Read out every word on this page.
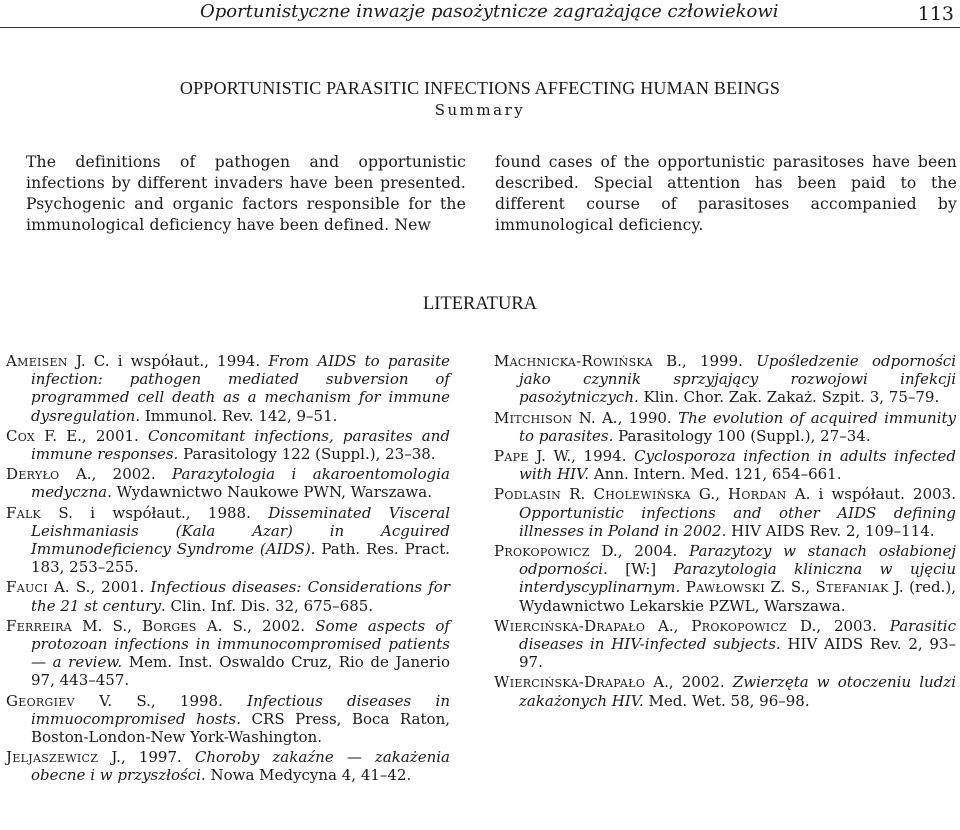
Oportunistyczne inwazje pasożytnicze zagrażające człowiekowi	113
OPPORTUNISTIC PARASITIC INFECTIONS AFFECTING HUMAN BEINGS
Summary
The definitions of pathogen and opportunistic infections by different invaders have been presented. Psychogenic and organic factors responsible for the immunological deficiency have been defined. New
found cases of the opportunistic parasitoses have been described. Special attention has been paid to the different course of parasitoses accompanied by immunological deficiency.
LITERATURA
Ameisen J. C. i współaut., 1994. From AIDS to parasite infection: pathogen mediated subversion of programmed cell death as a mechanism for immune dysregulation. Immunol. Rev. 142, 9–51.
Cox F. E., 2001. Concomitant infections, parasites and immune responses. Parasitology 122 (Suppl.), 23–38.
Deryło A., 2002. Parazytologia i akaroentomologia medyczna. Wydawnictwo Naukowe PWN, Warszawa.
Falk S. i współaut., 1988. Disseminated Visceral Leishmaniasis (Kala Azar) in Acguired Immunodeficiency Syndrome (AIDS). Path. Res. Pract. 183, 253–255.
Fauci A. S., 2001. Infectious diseases: Considerations for the 21 st century. Clin. Inf. Dis. 32, 675–685.
Ferreira M. S., Borges A. S., 2002. Some aspects of protozoan infections in immunocompromised patients — a review. Mem. Inst. Oswaldo Cruz, Rio de Janerio 97, 443–457.
Georgiev V. S., 1998. Infectious diseases in immuocompromised hosts. CRS Press, Boca Raton, Boston-London-New York-Washington.
Jeljaszewicz J., 1997. Choroby zakaźne — zakażenia obecne i w przyszłości. Nowa Medycyna 4, 41–42.
Machnicka-Rowińska B., 1999. Upośledzenie odporności jako czynnik sprzyjający rozwojowi infekcji pasożytniczych. Klin. Chor. Zak. Zakaż. Szpit. 3, 75–79.
Mitchison N. A., 1990. The evolution of acquired immunity to parasites. Parasitology 100 (Suppl.), 27–34.
Pape J. W., 1994. Cyclosporoza infection in adults infected with HIV. Ann. Intern. Med. 121, 654–661.
Podlasin R. Cholewińska G., Hordan A. i współaut. 2003. Opportunistic infections and other AIDS defining illnesses in Poland in 2002. HIV AIDS Rev. 2, 109–114.
Prokopowicz D., 2004. Parazytozy w stanach osłabionej odporności. [W:] Parazytologia kliniczna w ujęciu interdyscyplinarnym. Pawłowski Z. S., Stefaniak J. (red.), Wydawnictwo Lekarskie PZWL, Warszawa.
Wiercińska-Drapało A., Prokopowicz D., 2003. Parasitic diseases in HIV-infected subjects. HIV AIDS Rev. 2, 93–97.
Wiercińska-Drapało A., 2002. Zwierzęta w otoczeniu ludzi zakażonych HIV. Med. Wet. 58, 96–98.
